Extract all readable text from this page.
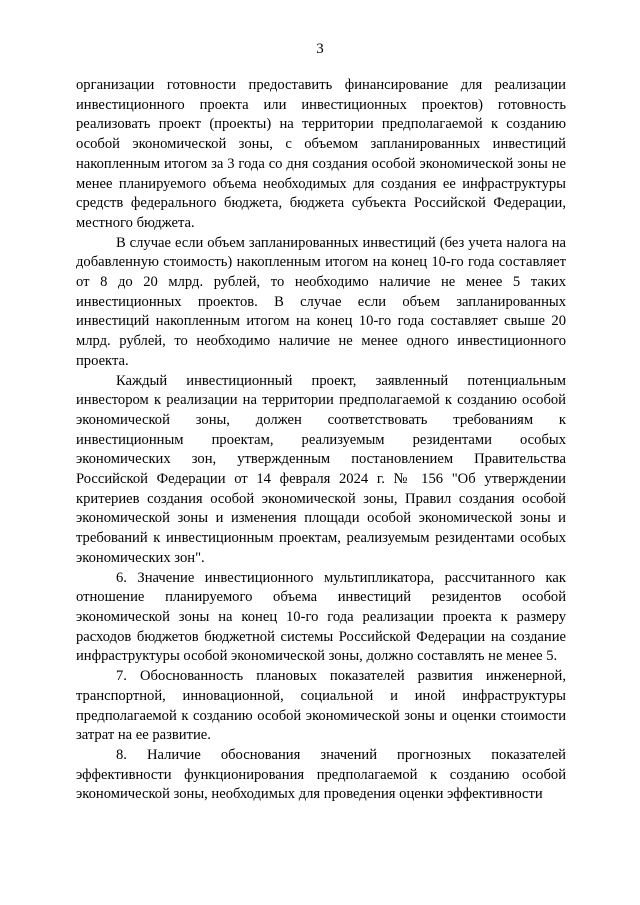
3

организации готовности предоставить финансирование для реализации инвестиционного проекта или инвестиционных проектов) готовность реализовать проект (проекты) на территории предполагаемой к созданию особой экономической зоны, с объемом запланированных инвестиций накопленным итогом за 3 года со дня создания особой экономической зоны не менее планируемого объема необходимых для создания ее инфраструктуры средств федерального бюджета, бюджета субъекта Российской Федерации, местного бюджета.

В случае если объем запланированных инвестиций (без учета налога на добавленную стоимость) накопленным итогом на конец 10-го года составляет от 8 до 20 млрд. рублей, то необходимо наличие не менее 5 таких инвестиционных проектов. В случае если объем запланированных инвестиций накопленным итогом на конец 10-го года составляет свыше 20 млрд. рублей, то необходимо наличие не менее одного инвестиционного проекта.

Каждый инвестиционный проект, заявленный потенциальным инвестором к реализации на территории предполагаемой к созданию особой экономической зоны, должен соответствовать требованиям к инвестиционным проектам, реализуемым резидентами особых экономических зон, утвержденным постановлением Правительства Российской Федерации от 14 февраля 2024 г. № 156 "Об утверждении критериев создания особой экономической зоны, Правил создания особой экономической зоны и изменения площади особой экономической зоны и требований к инвестиционным проектам, реализуемым резидентами особых экономических зон".

6. Значение инвестиционного мультипликатора, рассчитанного как отношение планируемого объема инвестиций резидентов особой экономической зоны на конец 10-го года реализации проекта к размеру расходов бюджетов бюджетной системы Российской Федерации на создание инфраструктуры особой экономической зоны, должно составлять не менее 5.

7. Обоснованность плановых показателей развития инженерной, транспортной, инновационной, социальной и иной инфраструктуры предполагаемой к созданию особой экономической зоны и оценки стоимости затрат на ее развитие.

8. Наличие обоснования значений прогнозных показателей эффективности функционирования предполагаемой к созданию особой экономической зоны, необходимых для проведения оценки эффективности
